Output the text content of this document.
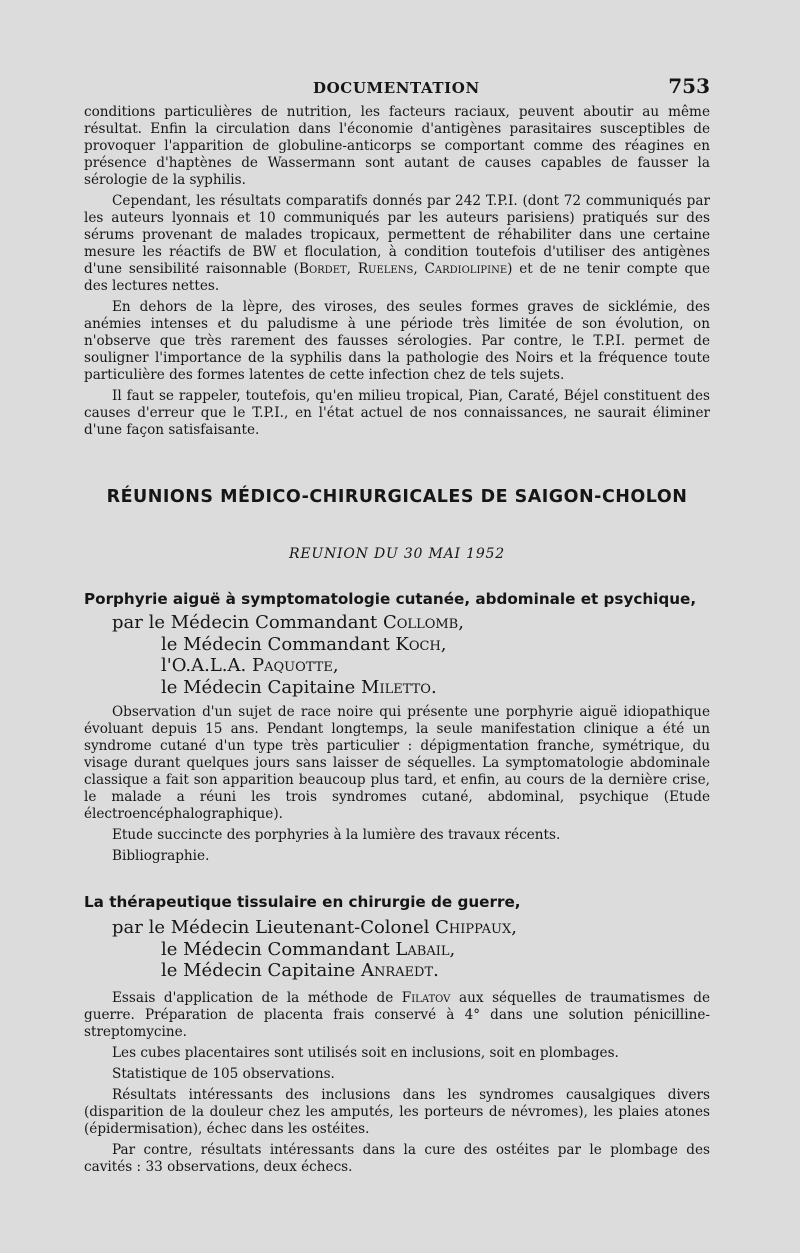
DOCUMENTATION	753

conditions particulières de nutrition, les facteurs raciaux, peuvent aboutir au même résultat. Enfin la circulation dans l'économie d'antigènes parasitaires susceptibles de provoquer l'apparition de globuline-anticorps se comportant comme des réagines en présence d'haptènes de Wassermann sont autant de causes capables de fausser la sérologie de la syphilis.

Cependant, les résultats comparatifs donnés par 242 T.P.I. (dont 72 communiqués par les auteurs lyonnais et 10 communiqués par les auteurs parisiens) pratiqués sur des sérums provenant de malades tropicaux, permettent de réhabiliter dans une certaine mesure les réactifs de BW et floculation, à condition toutefois d'utiliser des antigènes d'une sensibilité raisonnable (Bordet, Ruelens, Cardiolipine) et de ne tenir compte que des lectures nettes.

En dehors de la lèpre, des viroses, des seules formes graves de sicklémie, des anémies intenses et du paludisme à une période très limitée de son évolution, on n'observe que très rarement des fausses sérologies. Par contre, le T.P.I. permet de souligner l'importance de la syphilis dans la pathologie des Noirs et la fréquence toute particulière des formes latentes de cette infection chez de tels sujets.

Il faut se rappeler, toutefois, qu'en milieu tropical, Pian, Caraté, Béjel constituent des causes d'erreur que le T.P.I., en l'état actuel de nos connaissances, ne saurait éliminer d'une façon satisfaisante.

RÉUNIONS MÉDICO-CHIRURGICALES DE SAIGON-CHOLON
REUNION DU 30 MAI 1952
Porphyrie aiguë à symptomatologie cutanée, abdominale et psychique,
par le Médecin Commandant Collomb,
le Médecin Commandant Koch,
l'O.A.L.A. Paquotte,
le Médecin Capitaine Miletto.

Observation d'un sujet de race noire qui présente une porphyrie aiguë idiopathique évoluant depuis 15 ans. Pendant longtemps, la seule manifestation clinique a été un syndrome cutané d'un type très particulier : dépigmentation franche, symétrique, du visage durant quelques jours sans laisser de séquelles. La symptomatologie abdominale classique a fait son apparition beaucoup plus tard, et enfin, au cours de la dernière crise, le malade a réuni les trois syndromes cutané, abdominal, psychique (Etude électroencéphalographique).

Etude succincte des porphyries à la lumière des travaux récents.

Bibliographie.

La thérapeutique tissulaire en chirurgie de guerre,
par le Médecin Lieutenant-Colonel Chippaux,
le Médecin Commandant Labail,
le Médecin Capitaine Anraedt.

Essais d'application de la méthode de Filatov aux séquelles de traumatismes de guerre. Préparation de placenta frais conservé à 4° dans une solution pénicilline-streptomycine.

Les cubes placentaires sont utilisés soit en inclusions, soit en plombages.

Statistique de 105 observations.

Résultats intéressants des inclusions dans les syndromes causalgiques divers (disparition de la douleur chez les amputés, les porteurs de névromes), les plaies atones (épidermisation), échec dans les ostéites.

Par contre, résultats intéressants dans la cure des ostéites par le plombage des cavités : 33 observations, deux échecs.
